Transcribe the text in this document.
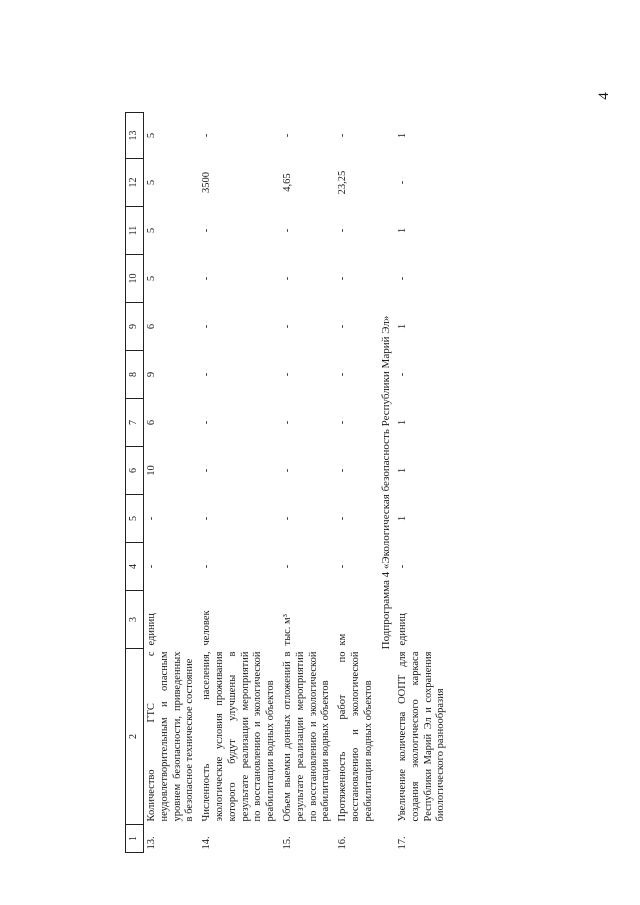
4
1	2	3	4	5	6	7	8	9	10	11	12	13
13.	Количество ГТС с неудовлетворительным и опасным уровнем безопасности, приведенных в безопасное техническое состояние	единиц	-	-	10	6	9	6	5	5	5	5
14.	Численность населения, экологические условия проживания которого будут улучшены в результате реализации мероприятий по восстановлению и экологической реабилитации водных объектов	человек	-	-	-	-	-	-	-	-	3500	-
15.	Объем выемки донных отложений в результате реализации мероприятий по восстановлению и экологической реабилитации водных объектов	тыс. м³	-	-	-	-	-	-	-	-	4,65	-
16.	Протяженность работ по восстановлению и экологической реабилитации водных объектов	км	-	-	-	-	-	-	-	-	23,25	-
Подпрограмма 4 «Экологическая безопасность Республики Марий Эл»												
17.	Увеличение количества ООПТ для создания экологического каркаса Республики Марий Эл и сохранения биологического разнообразия	единиц	-	1	1	1	-	1	-	1	-	1
